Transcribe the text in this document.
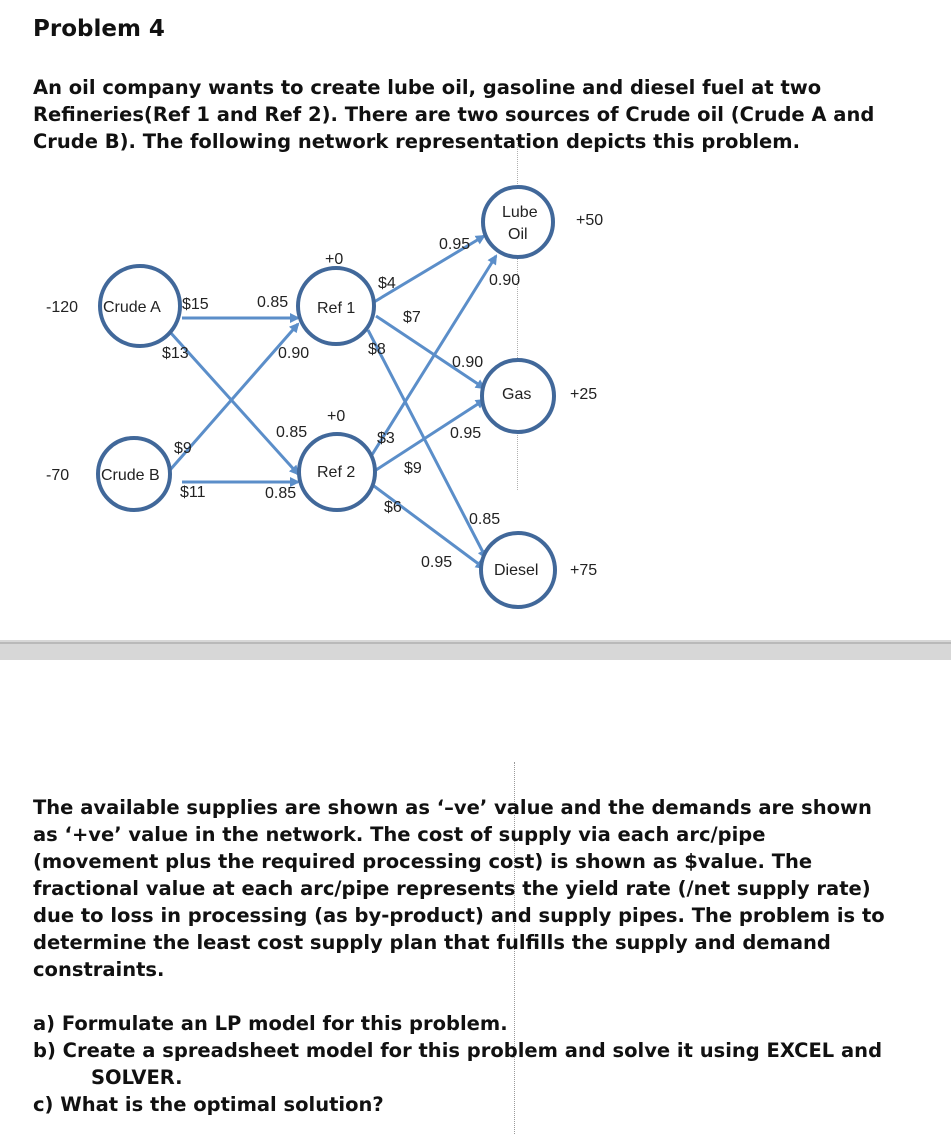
Problem 4
An oil company wants to create lube oil, gasoline and diesel fuel at two
Refineries(Ref 1 and Ref 2). There are two sources of Crude oil (Crude A and
Crude B). The following network representation depicts this problem.
Crude A
-120
Crude B
-70
Ref 1
+0
Ref 2
+0
Lube
Oil
+50
Gas +25
Diesel +75
$15
$13
$9
$11
$4
$7
$8
$3
$9
$6
0.85
0.90
0.85
0.85
0.95
0.90
0.90
0.95
0.85
0.95
The available supplies are shown as ‘–ve’ value and the demands are shown
as ‘+ve’ value in the network. The cost of supply via each arc/pipe
(movement plus the required processing cost) is shown as $value. The
fractional value at each arc/pipe represents the yield rate (/net supply rate)
due to loss in processing (as by-product) and supply pipes. The problem is to
determine the least cost supply plan that fulfills the supply and demand
constraints.
a) Formulate an LP model for this problem.
b) Create a spreadsheet model for this problem and solve it using EXCEL and
SOLVER.
c) What is the optimal solution?
